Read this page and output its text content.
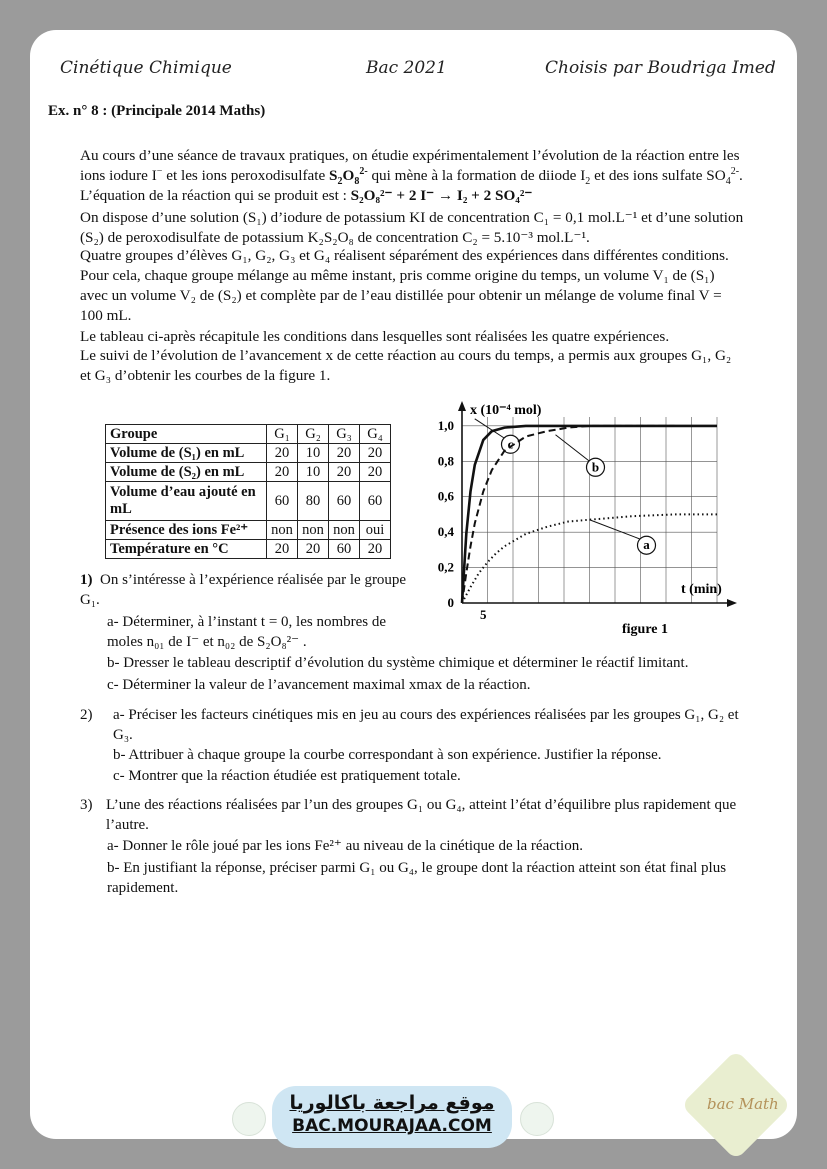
Cinétique Chimique	Bac 2021	Choisis par Boudriga Imed
Ex. n° 8 : (Principale 2014 Maths)
Au cours d’une séance de travaux pratiques, on étudie expérimentalement l’évolution de la réaction entre les ions iodure I− et les ions peroxodisulfate $S_2O_8^{2-}$ qui mène à la formation de diiode $I_2$ et des ions sulfate $SO_4^{2-}$. L’équation de la réaction qui se produit est : S₂O₈²⁻ + 2 I⁻ → I₂ + 2 SO₄²⁻
On dispose d’une solution (S₁) d’iodure de potassium KI de concentration C₁ = 0,1 mol.L⁻¹ et d’une solution (S₂) de peroxodisulfate de potassium K₂S₂O₈ de concentration C₂ = 5.10⁻³ mol.L⁻¹.
Quatre groupes d’élèves G₁, G₂, G₃ et G₄ réalisent séparément des expériences dans différentes conditions. Pour cela, chaque groupe mélange au même instant, pris comme origine du temps, un volume V₁ de (S₁) avec un volume V₂ de (S₂) et complète par de l’eau distillée pour obtenir un mélange de volume final V = 100 mL.
Le tableau ci-après récapitule les conditions dans lesquelles sont réalisées les quatre expériences.
Le suivi de l’évolution de l’avancement x de cette réaction au cours du temps, a permis aux groupes G₁, G₂ et G₃ d’obtenir les courbes de la figure 1.
Groupe	G₁	G₂	G₃	G₄
Volume de (S₁) en mL	20	10	20	20
Volume de (S₂) en mL	20	10	20	20
Volume d’eau ajouté en mL	60	80	60	60
Présence des ions Fe²⁺	non	non	non	oui
Température en °C	20	20	60	20
0
0,2
0,4
0,6
0,8
1,0
5
x (10⁻⁴ mol)
t (min)
figure 1
c
b
a
1) On s’intéresse à l’expérience réalisée par le groupe G₁.
a- Déterminer, à l’instant t = 0, les nombres de moles n₀₁ de I⁻ et n₀₂ de S₂O₈²⁻ .
b- Dresser le tableau descriptif d’évolution du système chimique et déterminer le réactif limitant.
c- Déterminer la valeur de l’avancement maximal xmax de la réaction.
2) a- Préciser les facteurs cinétiques mis en jeu au cours des expériences réalisées par les groupes G₁, G₂ et G₃.
b- Attribuer à chaque groupe la courbe correspondant à son expérience. Justifier la réponse.
c- Montrer que la réaction étudiée est pratiquement totale.
3) L’une des réactions réalisées par l’un des groupes G₁ ou G₄, atteint l’état d’équilibre plus rapidement que l’autre.
a- Donner le rôle joué par les ions Fe²⁺ au niveau de la cinétique de la réaction.
b- En justifiant la réponse, préciser parmi G₁ ou G₄, le groupe dont la réaction atteint son état final plus rapidement.
موقع مراجعة باكالوريا
BAC.MOURAJAA.COM
bac Math
